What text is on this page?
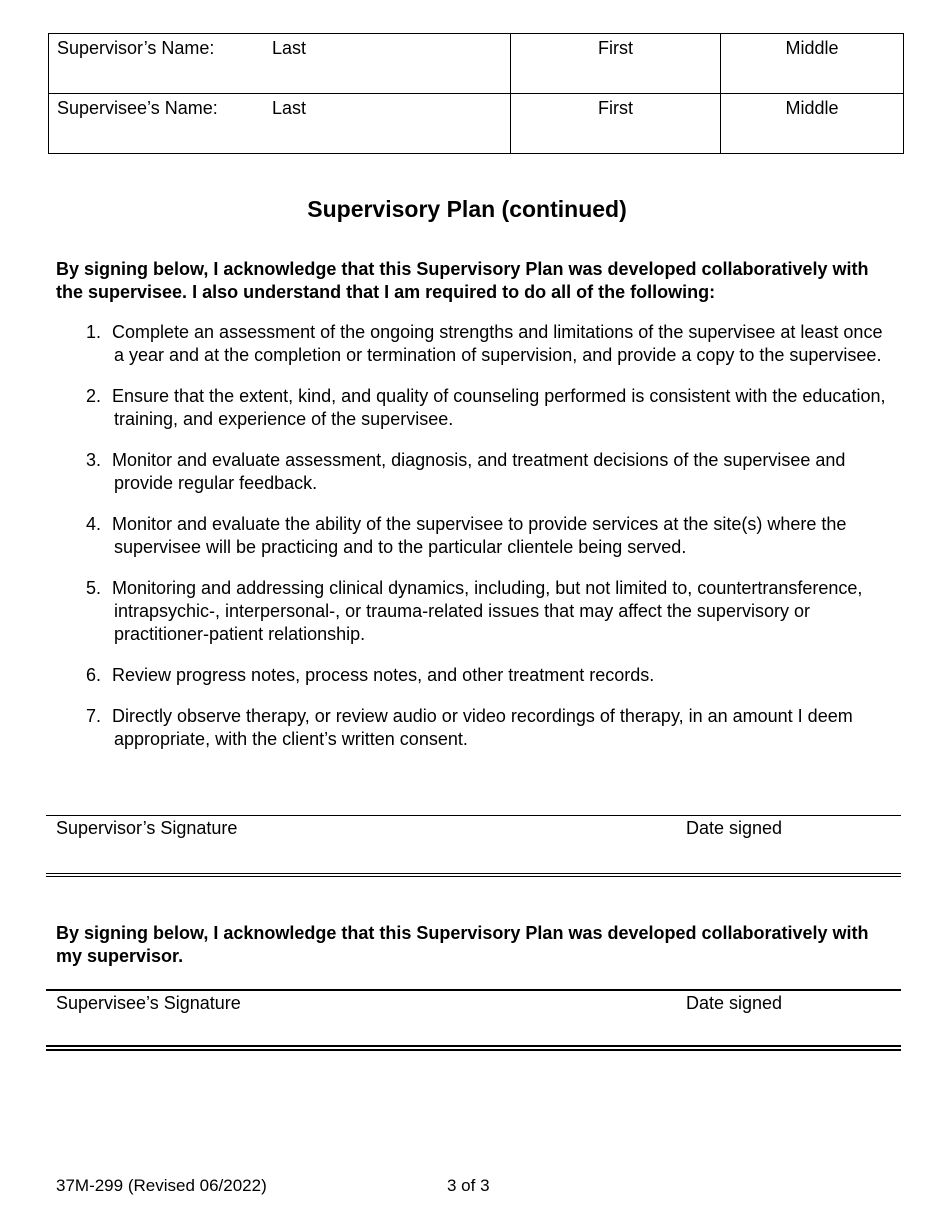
Supervisor’s Name: Last	First	Middle
Supervisee’s Name: Last	First	Middle
Supervisory Plan (continued)

By signing below, I acknowledge that this Supervisory Plan was developed collaboratively with the supervisee. I also understand that I am required to do all of the following:

1. Complete an assessment of the ongoing strengths and limitations of the supervisee at least once a year and at the completion or termination of supervision, and provide a copy to the supervisee.
2. Ensure that the extent, kind, and quality of counseling performed is consistent with the education, training, and experience of the supervisee.
3. Monitor and evaluate assessment, diagnosis, and treatment decisions of the supervisee and provide regular feedback.
4. Monitor and evaluate the ability of the supervisee to provide services at the site(s) where the supervisee will be practicing and to the particular clientele being served.
5. Monitoring and addressing clinical dynamics, including, but not limited to, countertransference, intrapsychic-, interpersonal-, or trauma-related issues that may affect the supervisory or practitioner-patient relationship.
6. Review progress notes, process notes, and other treatment records.
7. Directly observe therapy, or review audio or video recordings of therapy, in an amount I deem appropriate, with the client’s written consent.
Supervisor’s Signature	Date signed

By signing below, I acknowledge that this Supervisory Plan was developed collaboratively with my supervisor.

Supervisee’s Signature	Date signed
37M-299 (Revised 06/2022)	3 of 3
